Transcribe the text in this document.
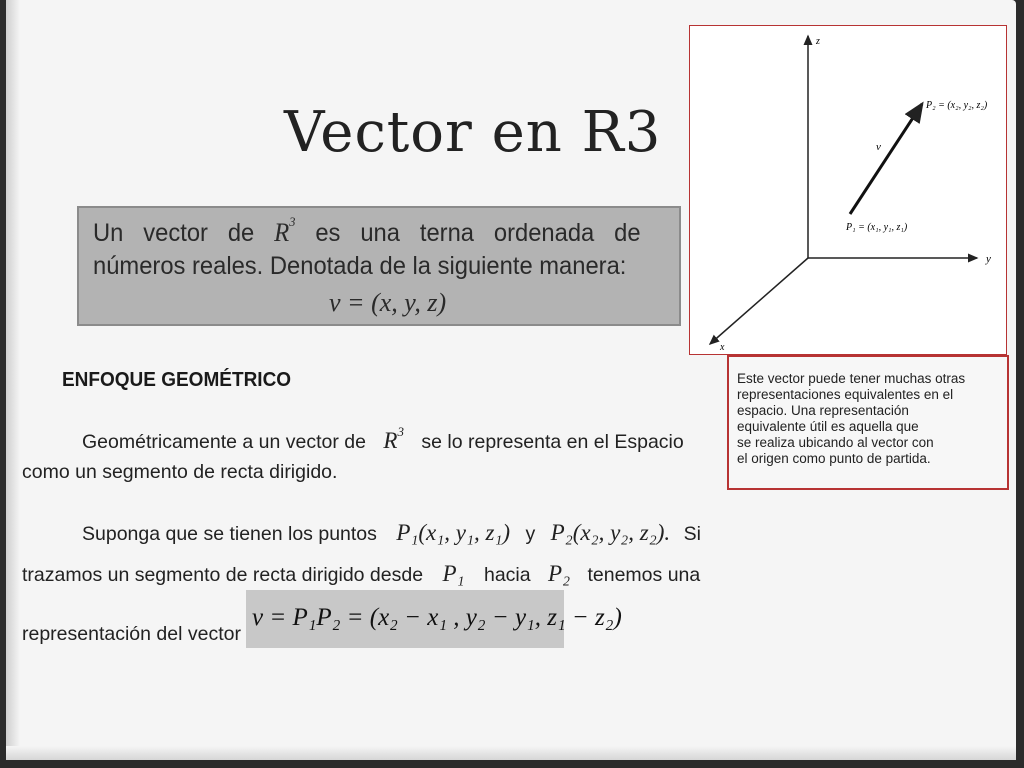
Vector en R3
Un vector de $R^3$ es una terna ordenada de
números reales. Denotada de la siguiente manera:
v = (x, y, z)
ENFOQUE GEOMÉTRICO
Geométricamente a un vector de $R^3$ se lo representa en el Espacio
como un segmento de recta dirigido.
Suponga que se tienen los puntos P₁(x₁, y₁, z₁) y P₂(x₂, y₂, z₂). Si
trazamos un segmento de recta dirigido desde P₁ hacia P₂ tenemos una
representación del vector
v = P₁P₂ = (x₂ − x₁ , y₂ − y₁, z₁ − z₂)
z
y
x
v
P₂ = (x₂, y₂, z₂)
P₁ = (x₁, y₁, z₁)
Este vector puede tener muchas otras
representaciones equivalentes en el
espacio. Una representación
equivalente útil es aquella que
se realiza ubicando al vector con
el origen como punto de partida.
